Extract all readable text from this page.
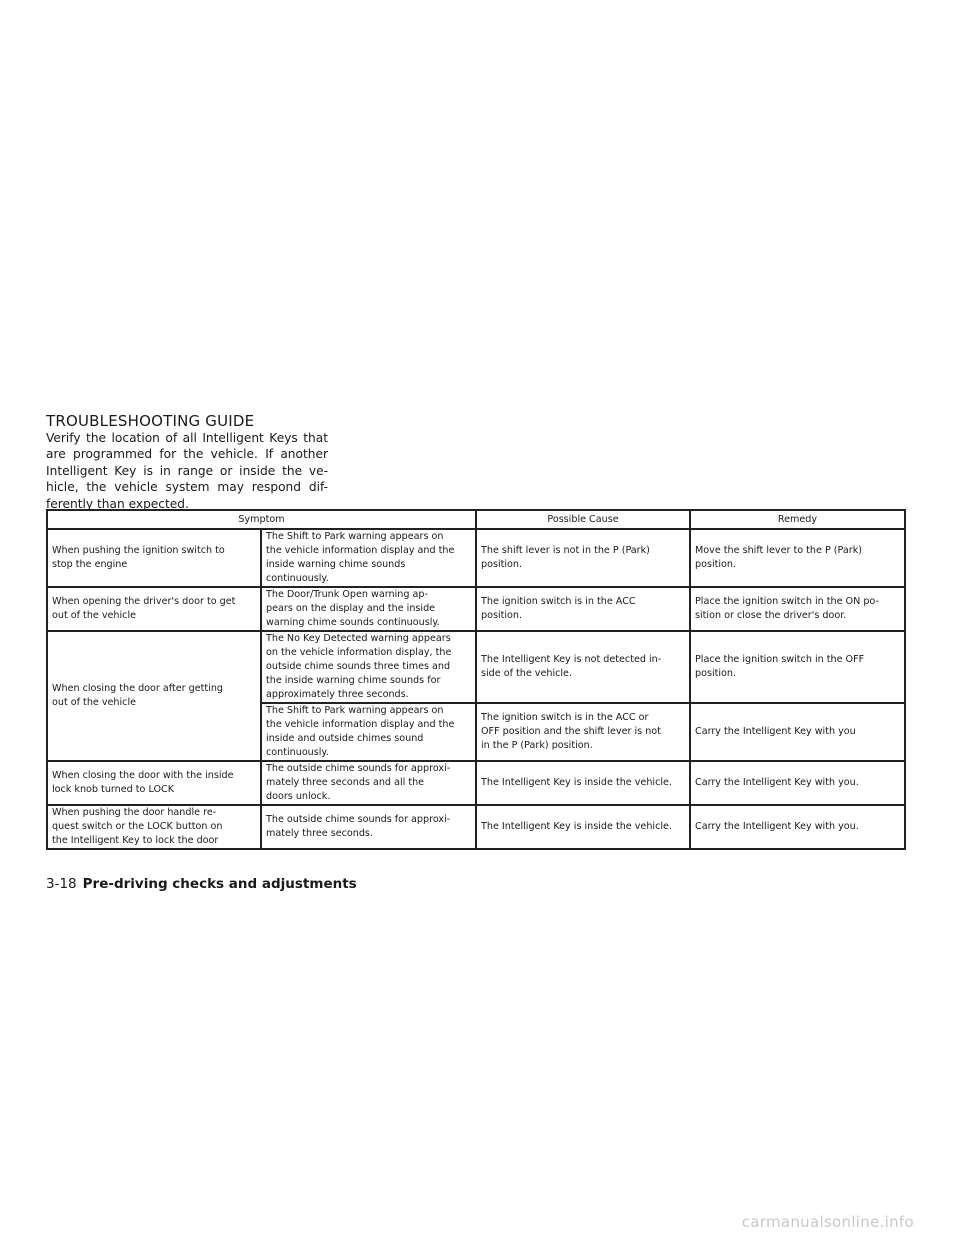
TROUBLESHOOTING GUIDE
Verify the location of all Intelligent Keys that
are programmed for the vehicle. If another
Intelligent Key is in range or inside the ve-
hicle, the vehicle system may respond dif-
ferently than expected.
Symptom		Possible Cause	Remedy

When pushing the ignition switch to
stop the engine	The Shift to Park warning appears on
the vehicle information display and the
inside warning chime sounds
continuously.	The shift lever is not in the P (Park)
position.	Move the shift lever to the P (Park)
position.

When opening the driver's door to get
out of the vehicle	The Door/Trunk Open warning ap-
pears on the display and the inside
warning chime sounds continuously.	The ignition switch is in the ACC
position.	Place the ignition switch in the ON po-
sition or close the driver's door.

When closing the door after getting
out of the vehicle	The No Key Detected warning appears
on the vehicle information display, the
outside chime sounds three times and
the inside warning chime sounds for
approximately three seconds.	The Intelligent Key is not detected in-
side of the vehicle.	Place the ignition switch in the OFF
position.

	The Shift to Park warning appears on
the vehicle information display and the
inside and outside chimes sound
continuously.	The ignition switch is in the ACC or
OFF position and the shift lever is not
in the P (Park) position.	Carry the Intelligent Key with you

When closing the door with the inside
lock knob turned to LOCK	The outside chime sounds for approxi-
mately three seconds and all the
doors unlock.	The Intelligent Key is inside the vehicle.	Carry the Intelligent Key with you.

When pushing the door handle re-
quest switch or the LOCK button on
the Intelligent Key to lock the door	The outside chime sounds for approxi-
mately three seconds.	The Intelligent Key is inside the vehicle.	Carry the Intelligent Key with you.
3-18 Pre-driving checks and adjustments
carmanualsonline.info
